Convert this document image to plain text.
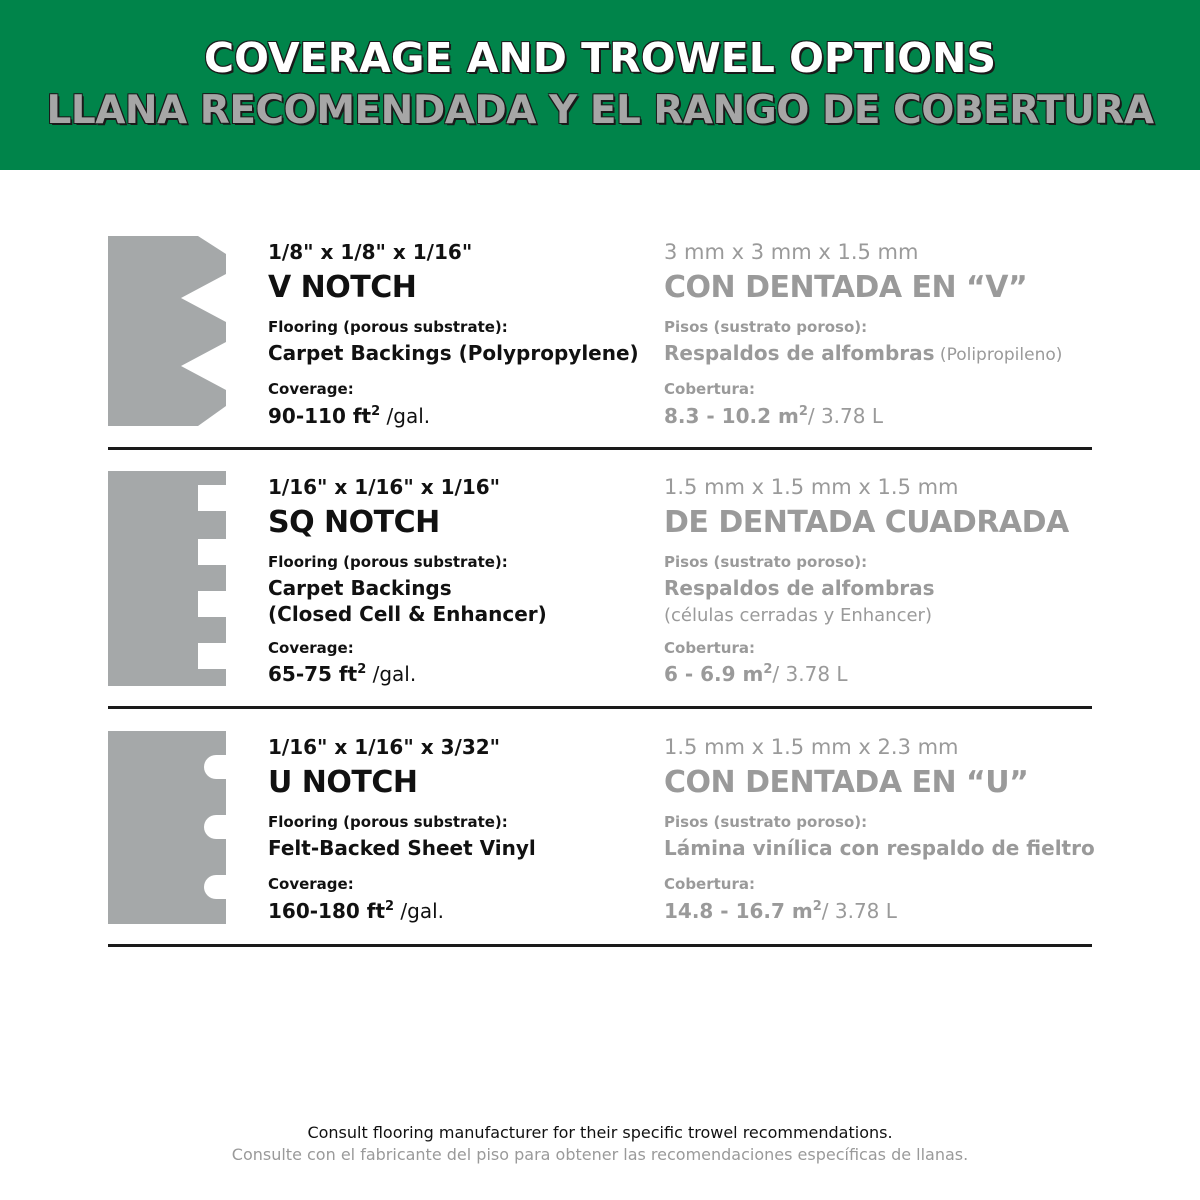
COVERAGE AND TROWEL OPTIONS
LLANA RECOMENDADA Y EL RANGO DE COBERTURA
1/8" x 1/8" x 1/16"
V NOTCH
Flooring (porous substrate):
Carpet Backings (Polypropylene)
Coverage:
90-110 $ft^2$ /gal.
3 mm x 3 mm x 1.5 mm
CON DENTADA EN “V”
Pisos (sustrato poroso):
Respaldos de alfombras (Polipropileno)
Cobertura:
8.3 - 10.2 $m^2/$ 3.78 L
1/16" x 1/16" x 1/16"
SQ NOTCH
Flooring (porous substrate):
Carpet Backings
(Closed Cell & Enhancer)
Coverage:
65-75 $ft^2$ /gal.
1.5 mm x 1.5 mm x 1.5 mm
DE DENTADA CUADRADA
Pisos (sustrato poroso):
Respaldos de alfombras
(células cerradas y Enhancer)
Cobertura:
6 - 6.9 $m^2/$ 3.78 L
1/16" x 1/16" x 3/32"
U NOTCH
Flooring (porous substrate):
Felt-Backed Sheet Vinyl
Coverage:
160-180 $ft^2$ /gal.
1.5 mm x 1.5 mm x 2.3 mm
CON DENTADA EN “U”
Pisos (sustrato poroso):
Lámina vinílica con respaldo de fieltro
Cobertura:
14.8 - 16.7 $m^2/$ 3.78 L
Consult flooring manufacturer for their specific trowel recommendations.
Consulte con el fabricante del piso para obtener las recomendaciones específicas de llanas.
